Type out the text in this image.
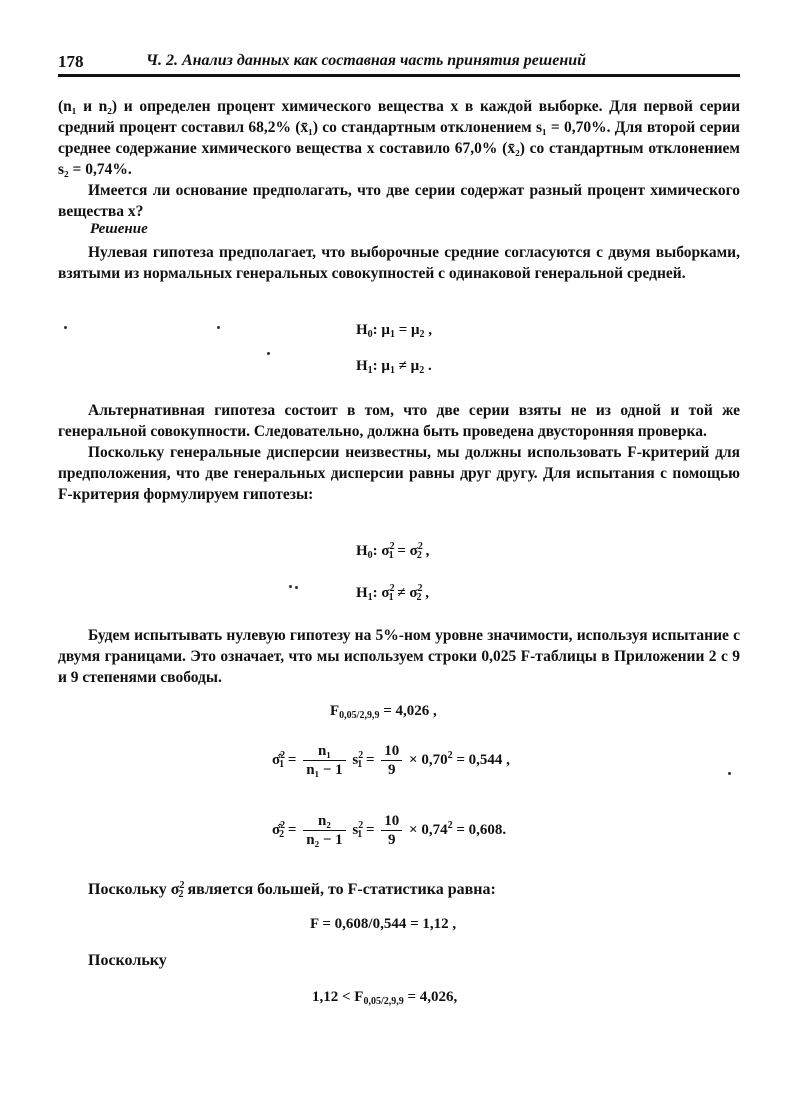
178	Ч. 2. Анализ данных как составная часть принятия решений

(n₁ и n₂) и определен процент химического вещества x в каждой выборке. Для первой серии средний процент составил 68,2% (x̄₁) со стандартным отклонением s₁ = 0,70%. Для второй серии среднее содержание химического вещества x составило 67,0% (x̄₂) со стандартным отклонением s₂ = 0,74%.

Имеется ли основание предполагать, что две серии содержат разный процент химического вещества x?

Решение

Нулевая гипотеза предполагает, что выборочные средние согласуются с двумя выборками, взятыми из нормальных генеральных совокупностей с одинаковой генеральной средней.

$H_0$: $\mu_1 = \mu_2$ ,
$H_1$: $\mu_1 \ne \mu_2$ .

Альтернативная гипотеза состоит в том, что две серии взяты не из одной и той же генеральной совокупности. Следовательно, должна быть проведена двусторонняя проверка.

Поскольку генеральные дисперсии неизвестны, мы должны использовать F-критерий для предположения, что две генеральных дисперсии равны друг другу. Для испытания с помощью F-критерия формулируем гипотезы:

$H_0$: $\sigma^2_1 = \sigma^2_2$ ,
$H_1$: $\sigma^2_1 \ne \sigma^2_2$ ,

Будем испытывать нулевую гипотезу на 5%-ном уровне значимости, используя испытание с двумя границами. Это означает, что мы используем строки 0,025 F-таблицы в Приложении 2 с 9 и 9 степенями свободы.

$F_{0,05/2,9,9} = 4,026$ ,
σ̂$^2_1$ = $\frac{\text{n₁}}{\text{n₁ − 1}} s^2_1 = \frac{10}{9} \times 0,70^2 = 0,544$ ,
σ̂$^2_2$ = $\frac{\text{n₂}}{\text{n₂ − 1}} s^2_1 = \frac{10}{9} \times 0,74^2 = 0,608$.

Поскольку $\sigma^2_2$ является большей, то F-статистика равна:

F = 0,608/0,544 = 1,12 ,

Поскольку

$1,12 < F_{0,05/2,9,9} = 4,026$,
